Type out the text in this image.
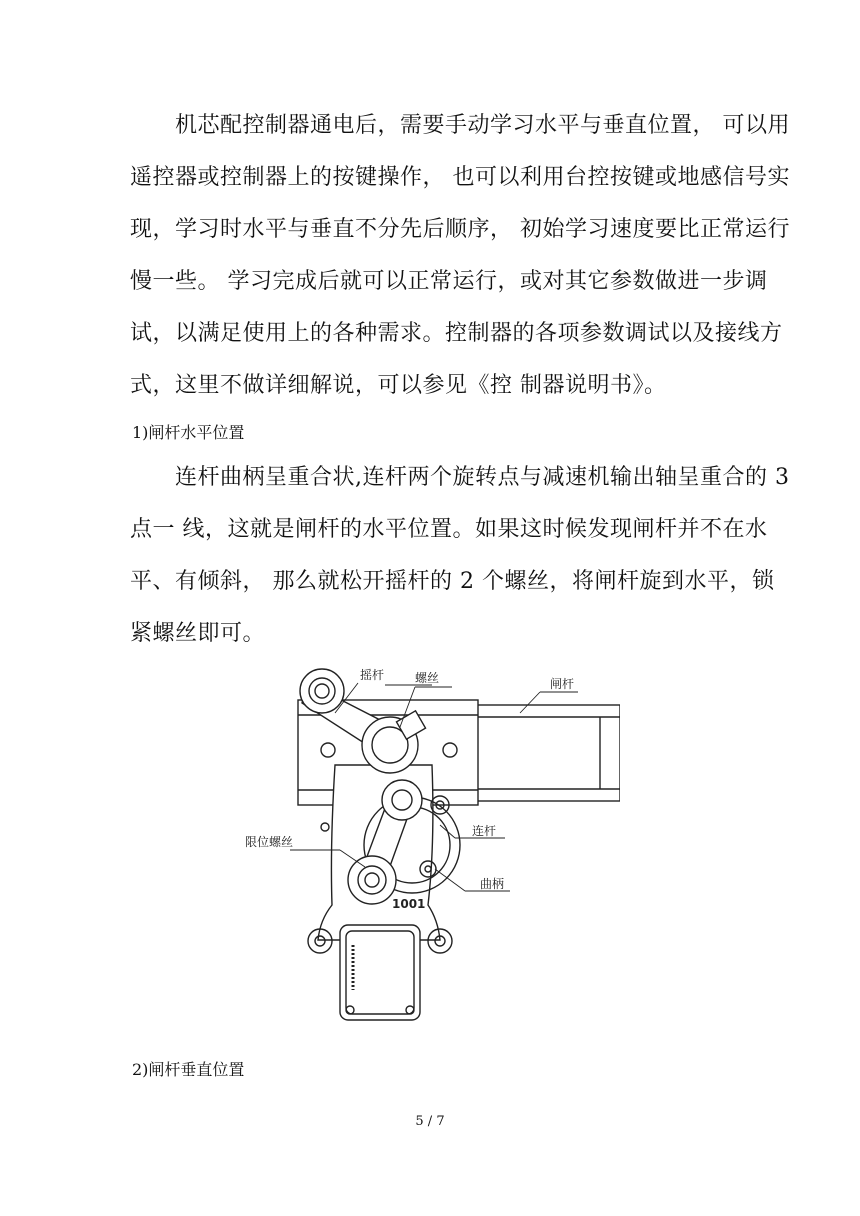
　　机芯配控制器通电后，需要手动学习水平与垂直位置， 可以用
遥控器或控制器上的按键操作， 也可以利用台控按键或地感信号实
现，学习时水平与垂直不分先后顺序， 初始学习速度要比正常运行
慢一些。 学习完成后就可以正常运行，或对其它参数做进一步调
试，以满足使用上的各种需求。控制器的各项参数调试以及接线方
式，这里不做详细解说，可以参见《控 制器说明书》。

1)闸杆水平位置

　　连杆曲柄呈重合状,连杆两个旋转点与减速机输出轴呈重合的 3
点一 线，这就是闸杆的水平位置。如果这时候发现闸杆并不在水
平、有倾斜， 那么就松开摇杆的 2 个螺丝，将闸杆旋到水平，锁
紧螺丝即可。
1001
摇杆	螺丝	闸杆
限位螺丝
连杆
曲柄

2)闸杆垂直位置

5 / 7
